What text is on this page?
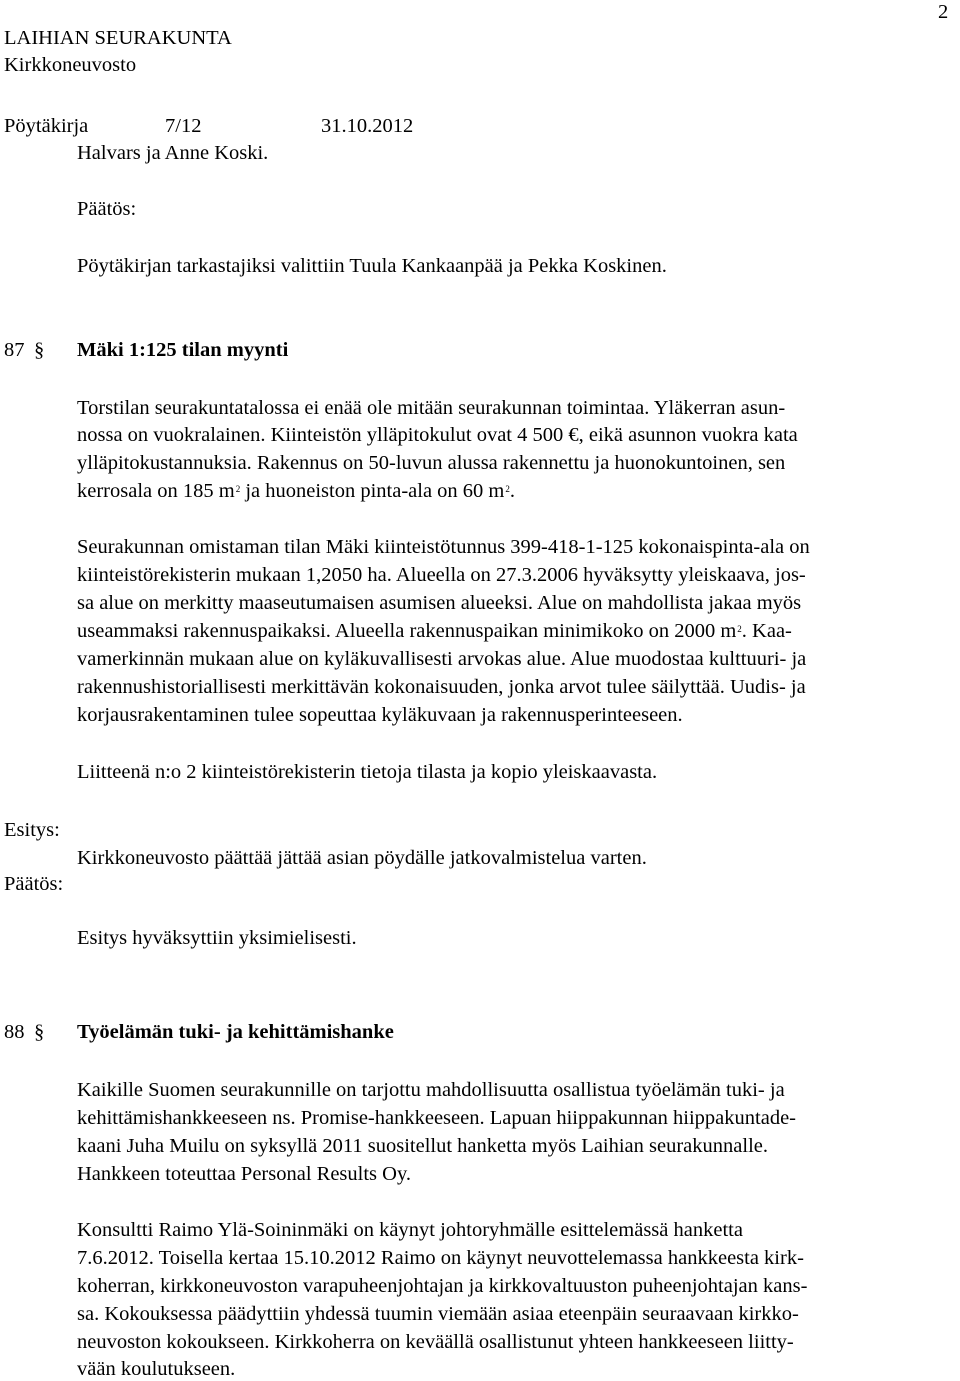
LAIHIAN SEURAKUNTA
2
Kirkkoneuvosto
Pöytäkirja	7/12	31.10.2012
Halvars ja Anne Koski.
Päätös:
Pöytäkirjan tarkastajiksi valittiin Tuula Kankaanpää ja Pekka Koskinen.
87 § Mäki 1:125 tilan myynti
Torstilan seurakuntatalossa ei enää ole mitään seurakunnan toimintaa. Yläkerran asun-
nossa on vuokralainen. Kiinteistön ylläpitokulut ovat 4 500 €, eikä asunnon vuokra kata
ylläpitokustannuksia. Rakennus on 50-luvun alussa rakennettu ja huonokuntoinen, sen
kerrosala on 185 $m^2$ ja huoneiston pinta-ala on 60 $m^2$.
Seurakunnan omistaman tilan Mäki kiinteistötunnus 399-418-1-125 kokonaispinta-ala on
kiinteistörekisterin mukaan 1,2050 ha. Alueella on 27.3.2006 hyväksytty yleiskaava, jos-
sa alue on merkitty maaseutumaisen asumisen alueeksi. Alue on mahdollista jakaa myös
useammaksi rakennuspaikaksi. Alueella rakennuspaikan minimikoko on 2000 $m^2$. Kaa-
vamerkinnän mukaan alue on kyläkuvallisesti arvokas alue. Alue muodostaa kulttuuri- ja
rakennushistoriallisesti merkittävän kokonaisuuden, jonka arvot tulee säilyttää. Uudis- ja
korjausrakentaminen tulee sopeuttaa kyläkuvaan ja rakennusperinteeseen.
Liitteenä n:o 2 kiinteistörekisterin tietoja tilasta ja kopio yleiskaavasta.
Esitys:
Kirkkoneuvosto päättää jättää asian pöydälle jatkovalmistelua varten.
Päätös:
Esitys hyväksyttiin yksimielisesti.
88 § Työelämän tuki- ja kehittämishanke
Kaikille Suomen seurakunnille on tarjottu mahdollisuutta osallistua työelämän tuki- ja
kehittämishankkeeseen ns. Promise-hankkeeseen. Lapuan hiippakunnan hiippakuntade-
kaani Juha Muilu on syksyllä 2011 suositellut hanketta myös Laihian seurakunnalle.
Hankkeen toteuttaa Personal Results Oy.
Konsultti Raimo Ylä-Soininmäki on käynyt johtoryhmälle esittelemässä hanketta
7.6.2012. Toisella kertaa 15.10.2012 Raimo on käynyt neuvottelemassa hankkeesta kirk-
koherran, kirkkoneuvoston varapuheenjohtajan ja kirkkovaltuuston puheenjohtajan kans-
sa. Kokouksessa päädyttiin yhdessä tuumin viemään asiaa eteenpäin seuraavaan kirkko-
neuvoston kokoukseen. Kirkkoherra on keväällä osallistunut yhteen hankkeeseen liitty-
vään koulutukseen.
